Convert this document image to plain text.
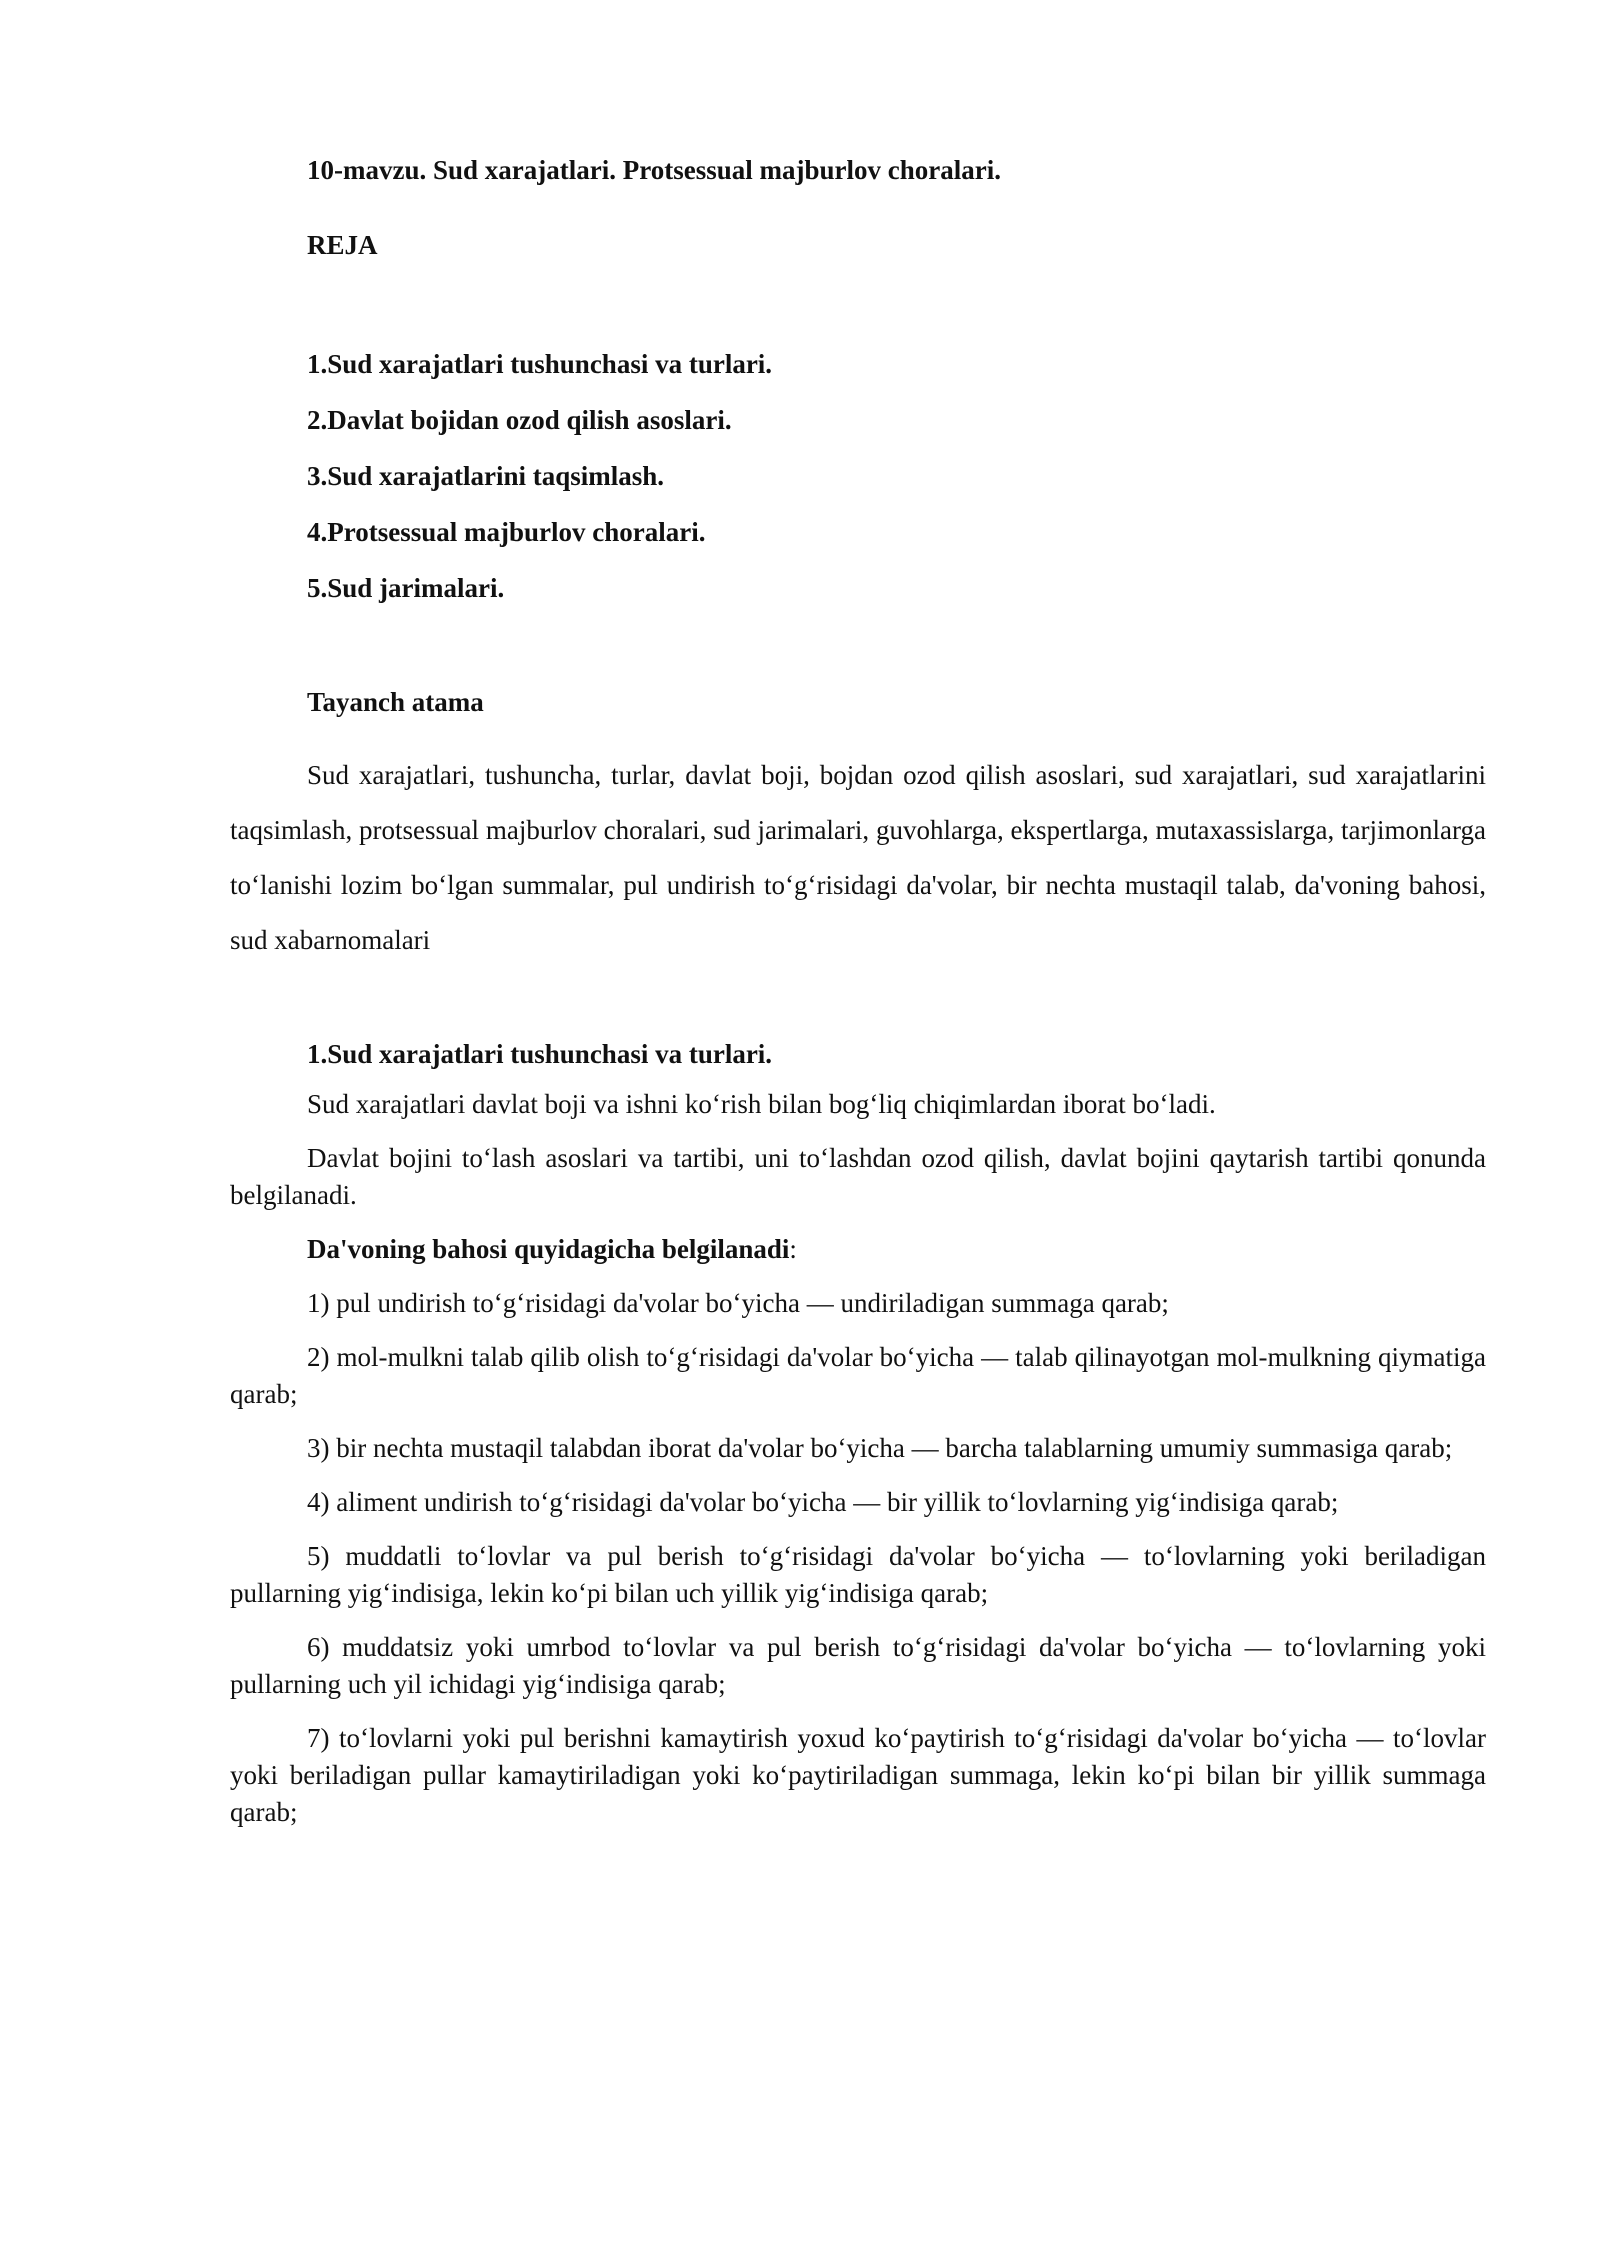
10-mavzu. Sud xarajatlari. Protsessual majburlov choralari.
REJA
1.Sud xarajatlari tushunchasi va turlari.
2.Davlat bojidan ozod qilish asoslari.
3.Sud xarajatlarini taqsimlash.
4.Protsessual majburlov choralari.
5.Sud jarimalari.
Tayanch atama

Sud xarajatlari, tushuncha, turlar, davlat boji, bojdan ozod qilish asoslari, sud xarajatlari, sud xarajatlarini taqsimlash, protsessual majburlov choralari, sud jarimalari, guvohlarga, ekspertlarga, mutaxassislarga, tarjimonlarga to‘lanishi lozim bo‘lgan summalar, pul undirish to‘g‘risidagi da'volar, bir nechta mustaqil talab, da'voning bahosi, sud xabarnomalari

1.Sud xarajatlari tushunchasi va turlari.

Sud xarajatlari davlat boji va ishni ko‘rish bilan bog‘liq chiqimlardan iborat bo‘ladi.

Davlat bojini to‘lash asoslari va tartibi, uni to‘lashdan ozod qilish, davlat bojini qaytarish tartibi qonunda belgilanadi.

Da'voning bahosi quyidagicha belgilanadi:

1) pul undirish to‘g‘risidagi da'volar bo‘yicha — undiriladigan summaga qarab;

2) mol-mulkni talab qilib olish to‘g‘risidagi da'volar bo‘yicha — talab qilinayotgan mol-mulkning qiymatiga qarab;

3) bir nechta mustaqil talabdan iborat da'volar bo‘yicha — barcha talablarning umumiy summasiga qarab;

4) aliment undirish to‘g‘risidagi da'volar bo‘yicha — bir yillik to‘lovlarning yig‘indisiga qarab;

5) muddatli to‘lovlar va pul berish to‘g‘risidagi da'volar bo‘yicha — to‘lovlarning yoki beriladigan pullarning yig‘indisiga, lekin ko‘pi bilan uch yillik yig‘indisiga qarab;

6) muddatsiz yoki umrbod to‘lovlar va pul berish to‘g‘risidagi da'volar bo‘yicha — to‘lovlarning yoki pullarning uch yil ichidagi yig‘indisiga qarab;

7) to‘lovlarni yoki pul berishni kamaytirish yoxud ko‘paytirish to‘g‘risidagi da'volar bo‘yicha — to‘lovlar yoki beriladigan pullar kamaytiriladigan yoki ko‘paytiriladigan summaga, lekin ko‘pi bilan bir yillik summaga qarab;
